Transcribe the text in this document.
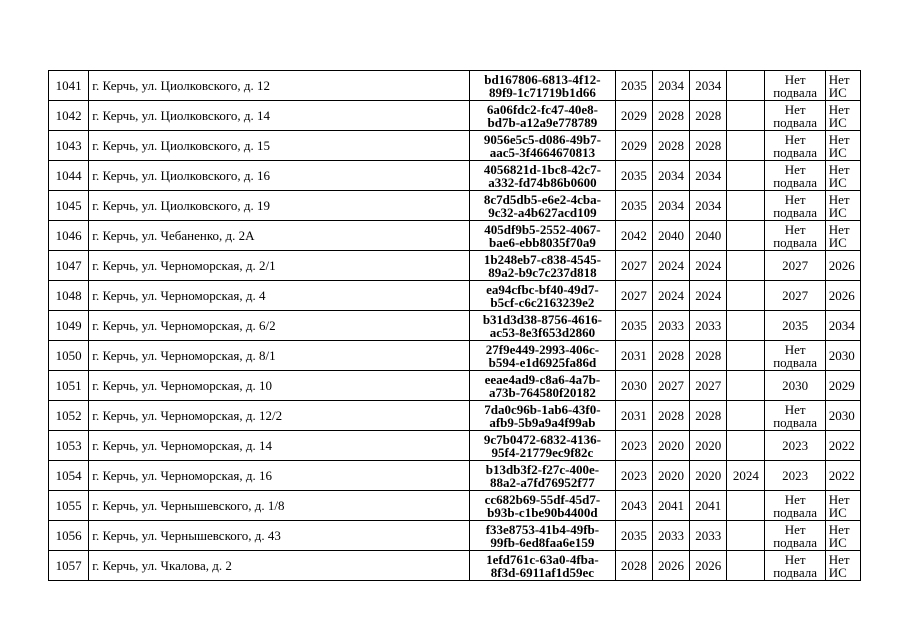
1041	г. Керчь, ул. Циолковского, д. 12	bd167806-6813-4f12-
89f9-1c71719b1d66	2035	2034	2034		Нет
подвала	Нет
ИС

1042	г. Керчь, ул. Циолковского, д. 14	6a06fdc2-fc47-40e8-
bd7b-a12a9e778789	2029	2028	2028		Нет
подвала	Нет
ИС

1043	г. Керчь, ул. Циолковского, д. 15	9056e5c5-d086-49b7-
aac5-3f4664670813	2029	2028	2028		Нет
подвала	Нет
ИС

1044	г. Керчь, ул. Циолковского, д. 16	4056821d-1bc8-42c7-
a332-fd74b86b0600	2035	2034	2034		Нет
подвала	Нет
ИС

1045	г. Керчь, ул. Циолковского, д. 19	8c7d5db5-e6e2-4cba-
9c32-a4b627acd109	2035	2034	2034		Нет
подвала	Нет
ИС

1046	г. Керчь, ул. Чебаненко, д. 2А	405df9b5-2552-4067-
bae6-ebb8035f70a9	2042	2040	2040		Нет
подвала	Нет
ИС

1047	г. Керчь, ул. Черноморская, д. 2/1	1b248eb7-c838-4545-
89a2-b9c7c237d818	2027	2024	2024		2027	2026

1048	г. Керчь, ул. Черноморская, д. 4	ea94cfbc-bf40-49d7-
b5cf-c6c2163239e2	2027	2024	2024		2027	2026

1049	г. Керчь, ул. Черноморская, д. 6/2	b31d3d38-8756-4616-
ac53-8e3f653d2860	2035	2033	2033		2035	2034

1050	г. Керчь, ул. Черноморская, д. 8/1	27f9e449-2993-406c-
b594-e1d6925fa86d	2031	2028	2028		Нет
подвала	2030

1051	г. Керчь, ул. Черноморская, д. 10	eeae4ad9-c8a6-4a7b-
a73b-764580f20182	2030	2027	2027		2030	2029

1052	г. Керчь, ул. Черноморская, д. 12/2	7da0c96b-1ab6-43f0-
afb9-5b9a9a4f99ab	2031	2028	2028		Нет
подвала	2030

1053	г. Керчь, ул. Черноморская, д. 14	9c7b0472-6832-4136-
95f4-21779ec9f82c	2023	2020	2020		2023	2022

1054	г. Керчь, ул. Черноморская, д. 16	b13db3f2-f27c-400e-
88a2-a7fd76952f77	2023	2020	2020	2024	2023	2022

1055	г. Керчь, ул. Чернышевского, д. 1/8	cc682b69-55df-45d7-
b93b-c1be90b4400d	2043	2041	2041		Нет
подвала	Нет
ИС

1056	г. Керчь, ул. Чернышевского, д. 43	f33e8753-41b4-49fb-
99fb-6ed8faa6e159	2035	2033	2033		Нет
подвала	Нет
ИС

1057	г. Керчь, ул. Чкалова, д. 2	1efd761c-63a0-4fba-
8f3d-6911af1d59ec	2028	2026	2026		Нет
подвала	Нет
ИС
